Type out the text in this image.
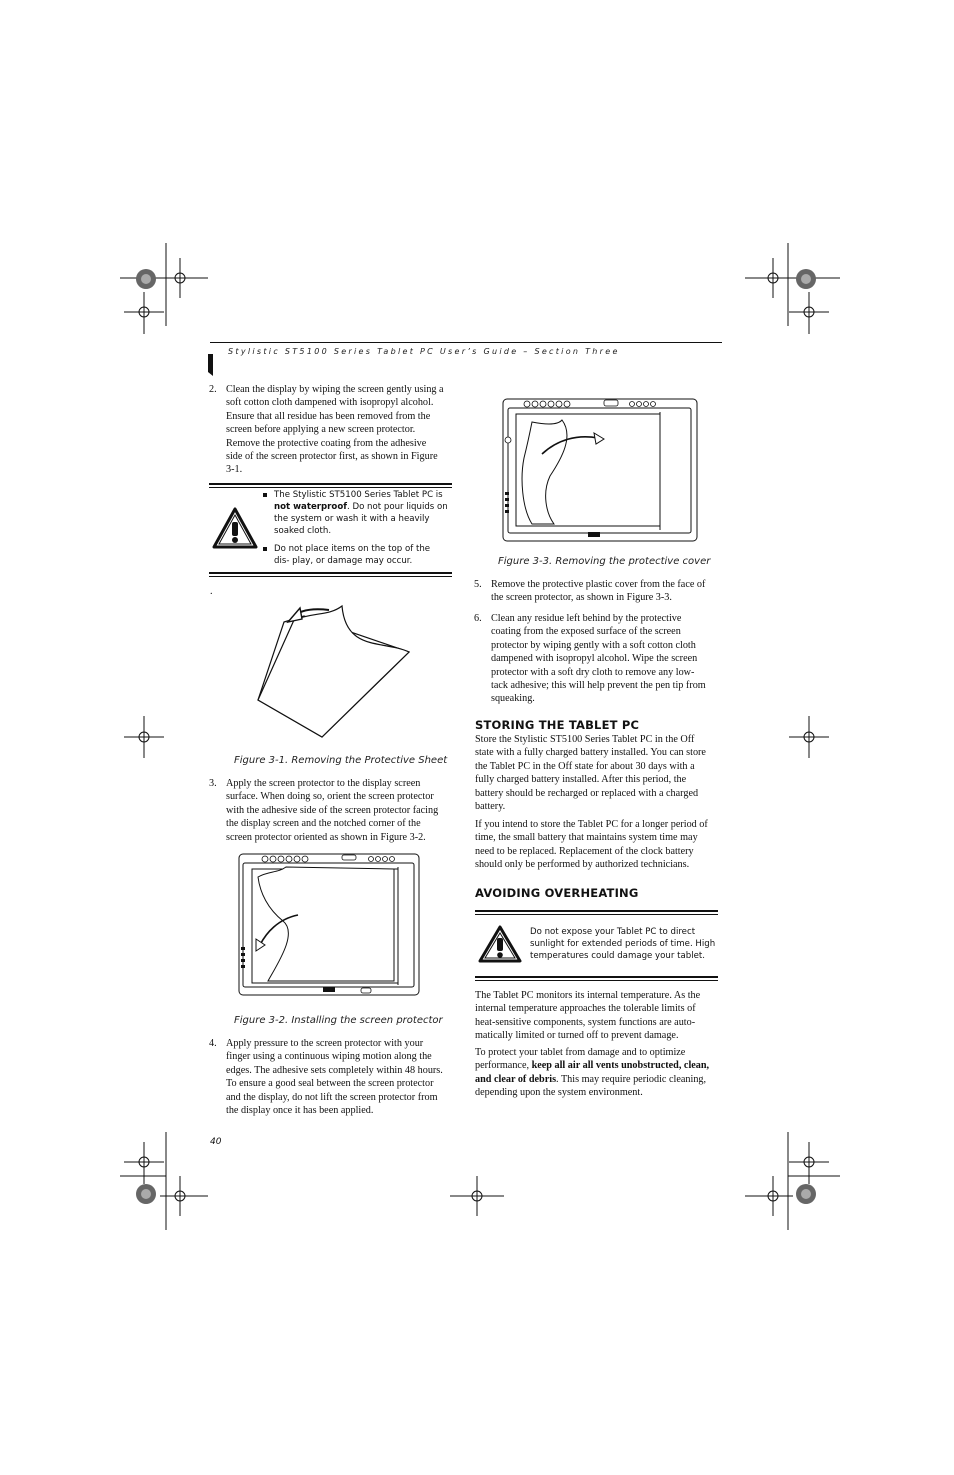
Stylistic ST5100 Series Tablet PC User’s Guide – Section Three
2. Clean the display by wiping the screen gently using a
soft cotton cloth dampened with isopropyl alcohol.
Ensure that all residue has been removed from the
screen before applying a new screen protector.
Remove the protective coating from the adhesive
side of the screen protector first, as shown in Figure
3-1.
The Stylistic ST5100 Series Tablet PC is not waterproof. Do not pour liquids on the system or wash it with a heavily soaked cloth.
Do not place items on the top of the dis- play, or damage may occur.
.
Figure 3-1. Removing the Protective Sheet
3. Apply the screen protector to the display screen
surface. When doing so, orient the screen protector
with the adhesive side of the screen protector facing
the display screen and the notched corner of the
screen protector oriented as shown in Figure 3-2.
Figure 3-2. Installing the screen protector
4. Apply pressure to the screen protector with your
finger using a continuous wiping motion along the
edges. The adhesive sets completely within 48 hours.
To ensure a good seal between the screen protector
and the display, do not lift the screen protector from
the display once it has been applied.
40
Figure 3-3. Removing the protective cover
5. Remove the protective plastic cover from the face of
the screen protector, as shown in Figure 3-3.
6. Clean any residue left behind by the protective
coating from the exposed surface of the screen
protector by wiping gently with a soft cotton cloth
dampened with isopropyl alcohol. Wipe the screen
protector with a soft dry cloth to remove any low-
tack adhesive; this will help prevent the pen tip from
squeaking.
STORING THE TABLET PC
Store the Stylistic ST5100 Series Tablet PC in the Off
state with a fully charged battery installed. You can store
the Tablet PC in the Off state for about 30 days with a
fully charged battery installed. After this period, the
battery should be recharged or replaced with a charged
battery.
If you intend to store the Tablet PC for a longer period of
time, the small battery that maintains system time may
need to be replaced. Replacement of the clock battery
should only be performed by authorized technicians.
AVOIDING OVERHEATING
Do not expose your Tablet PC to direct
sunlight for extended periods of time. High
temperatures could damage your tablet.
The Tablet PC monitors its internal temperature. As the
internal temperature approaches the tolerable limits of
heat-sensitive components, system functions are auto-
matically limited or turned off to prevent damage.
To protect your tablet from damage and to optimize
performance, keep all air all vents unobstructed, clean,
and clear of debris. This may require periodic cleaning,
depending upon the system environment.
